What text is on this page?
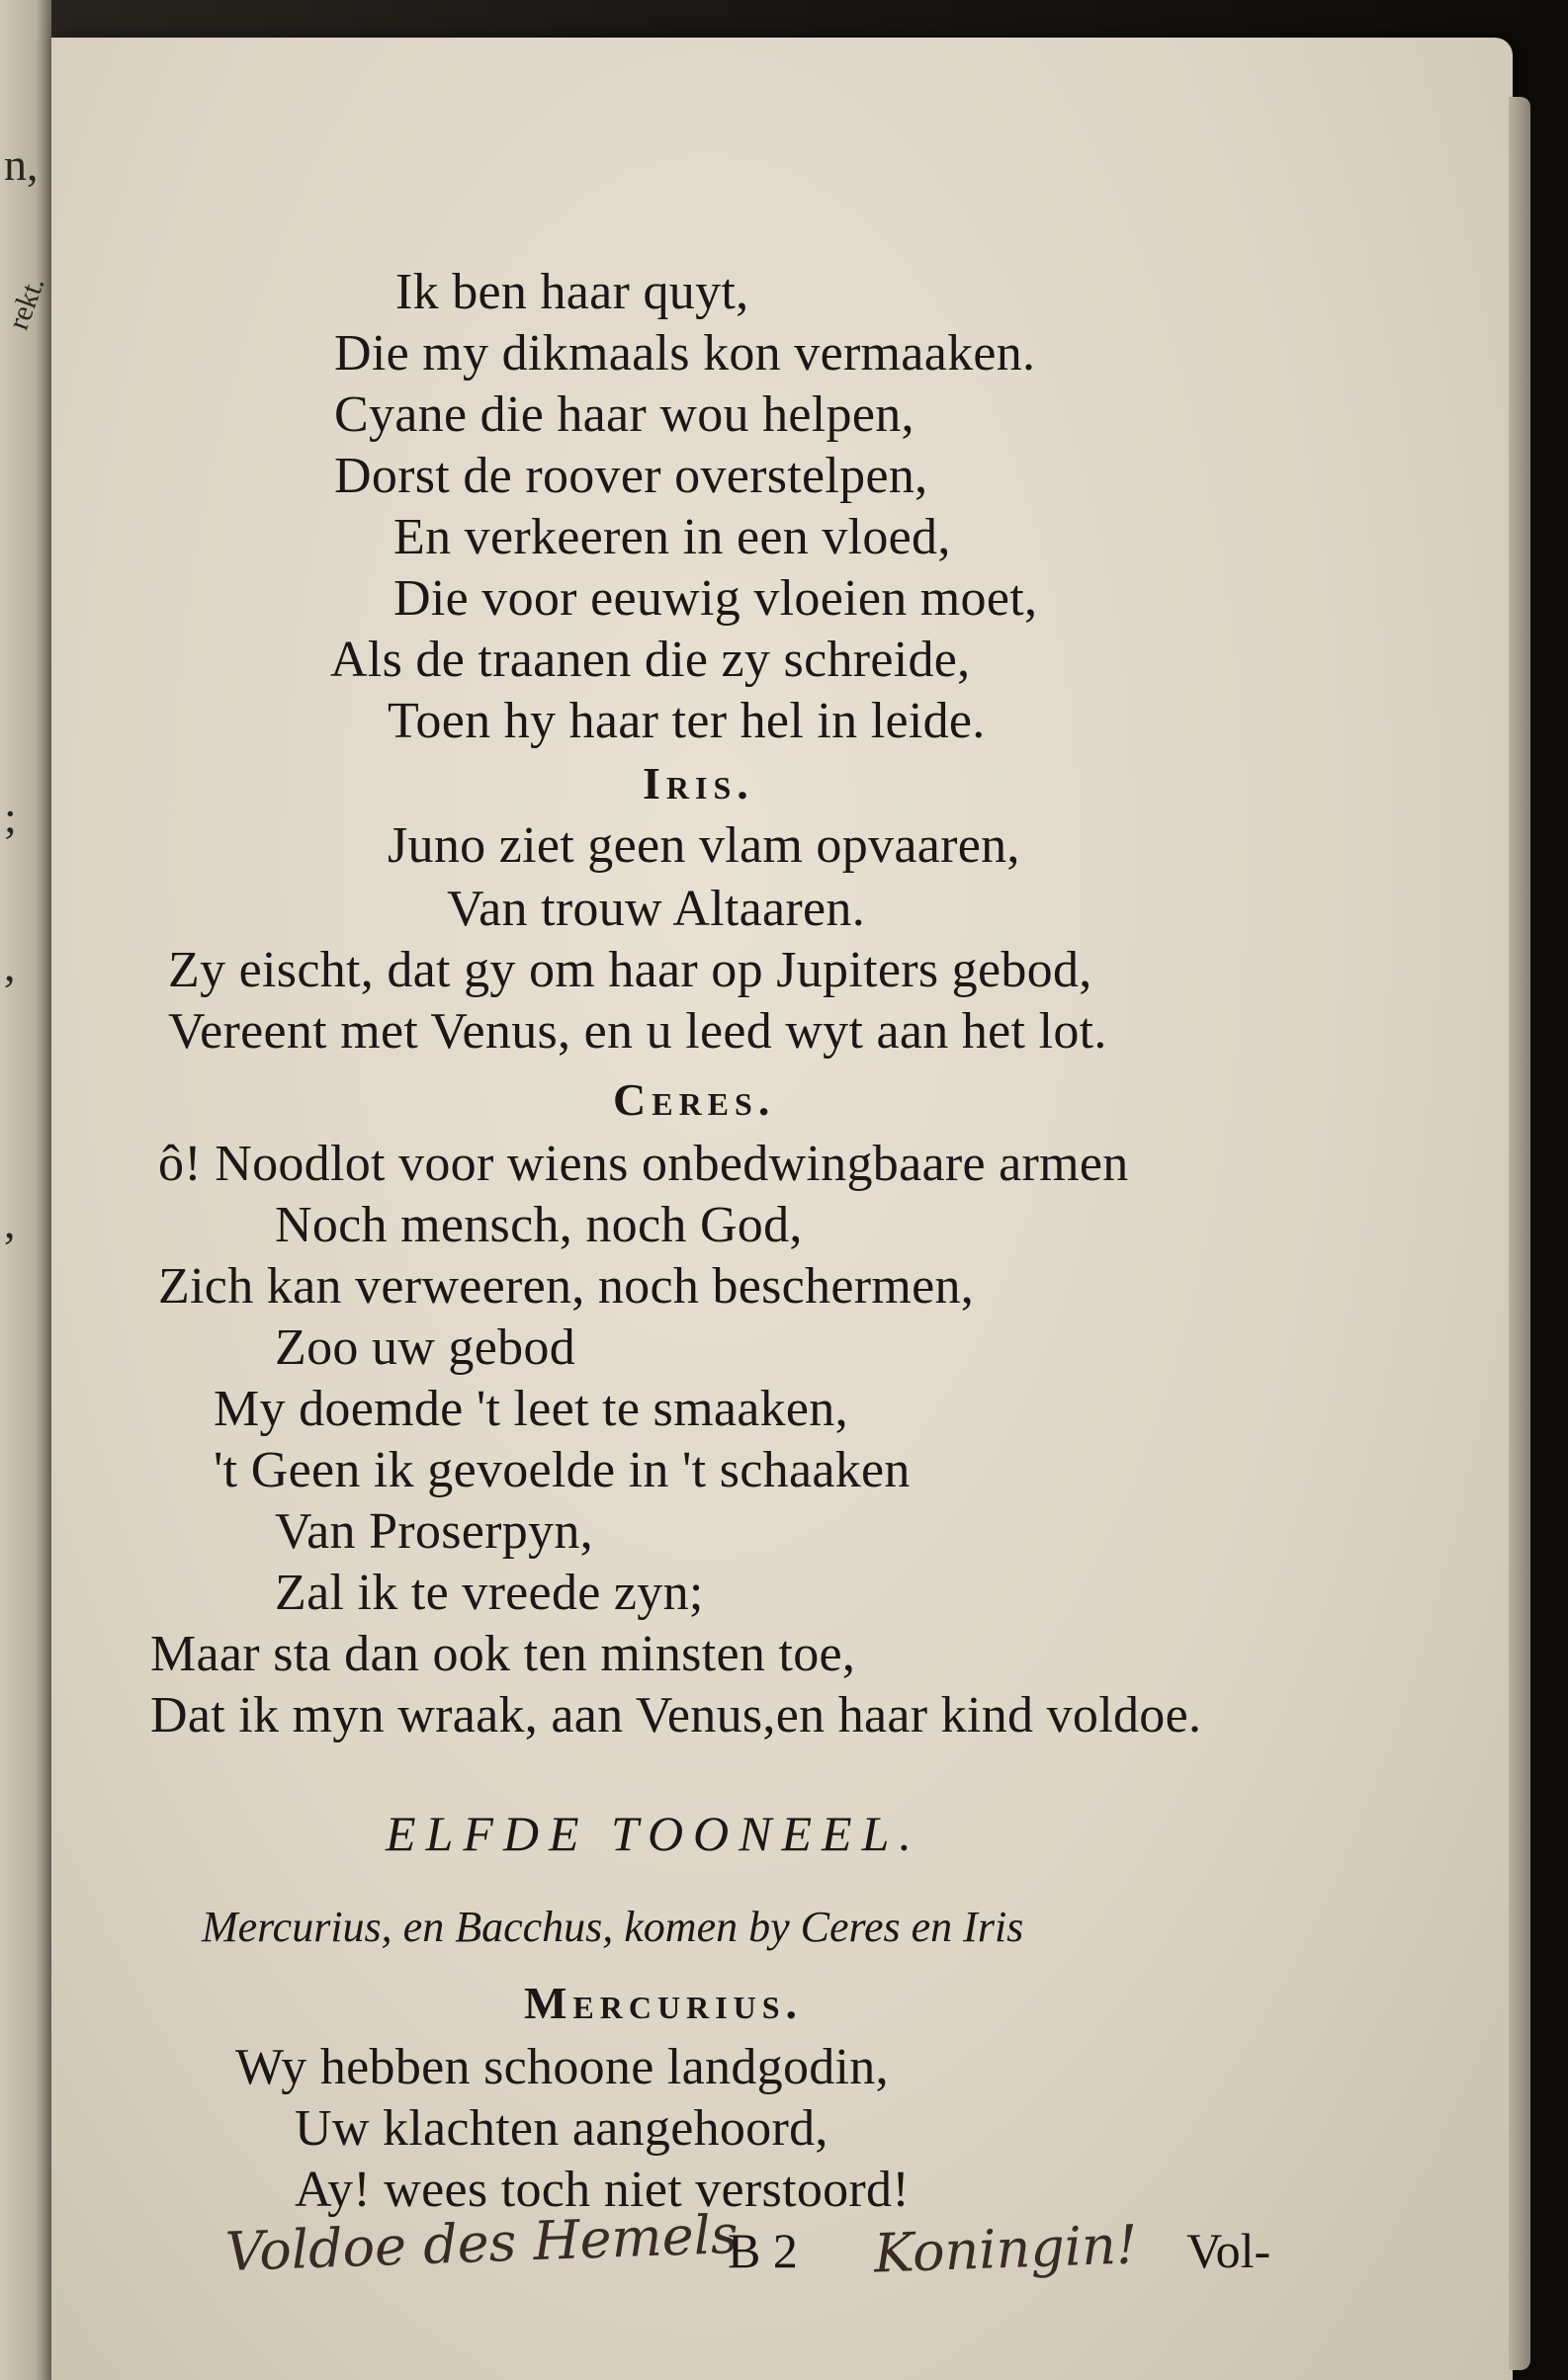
n,
rekt.
;
,
,
Ik ben haar quyt,
Die my dikmaals kon vermaaken.
Cyane die haar wou helpen,
Dorst de roover overstelpen,
En verkeeren in een vloed,
Die voor eeuwig vloeien moet,
Als de traanen die zy schreide,
Toen hy haar ter hel in leide.
Iris.
Juno ziet geen vlam opvaaren,
Van trouw Altaaren.
Zy eischt, dat gy om haar op Jupiters gebod,
Vereent met Venus, en u leed wyt aan het lot.
Ceres.
ô! Noodlot voor wiens onbedwingbaare armen
Noch mensch, noch God,
Zich kan verweeren, noch beschermen,
Zoo uw gebod
My doemde 't leet te smaaken,
't Geen ik gevoelde in 't schaaken
Van Proserpyn,
Zal ik te vreede zyn;
Maar sta dan ook ten minsten toe,
Dat ik myn wraak, aan Venus,en haar kind voldoe.
ELFDE TOONEEL.
Mercurius, en Bacchus, komen by Ceres en Iris
Mercurius.
Wy hebben schoone landgodin,
Uw klachten aangehoord,
Ay! wees toch niet verstoord!
Voldoe des Hemels
B 2 Koningin! Vol-
